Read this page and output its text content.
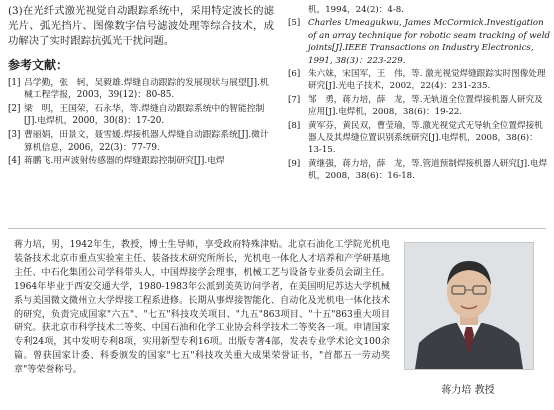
(3)在光纤式激光视觉自动跟踪系统中，采用特定波长的滤光片、弧光挡片、图像数字信号滤波处理等综合技术，成功解决了实时跟踪抗弧光干扰问题。

参考文献：
[1] 吕学勤，张　轲，吴毅雄.焊缝自动跟踪的发展现状与展望[J].机械工程学报，2003，39(12)：80-85.
[2] 梁　明，王国荣，石永华，等.焊缝自动跟踪系统中的智能控制[J].电焊机，2000，30(8)：17-20.
[3] 曹丽娟，田景文，聂雪媛.焊接机器人焊缝自动跟踪系统[J].微计算机信息，2006，22(3)：77-79.
[4] 蒋鹏飞.用声波射传感器的焊缝跟踪控制研究[J].电焊
机，1994，24(2)：4-8.
[5] Charles Umeagukwu, James McCormick.Investigation of an array technique for robotic seam tracking of weld joints[J].IEEE Transactions on Industry Electronics, 1991, 38(3)：223-229.
[6] 朱六妹，宋国军，王　伟，等. 激光视觉焊缝跟踪实时图像处理研究[J].光电子技术，2002，22(4)：231-235.
[7] 邹　勇，蒋力培，薛　龙，等.无轨道全位置焊接机器人研究及应用[J].电焊机，2008，38(6)：19-22.
[8] 黄军芬，黄民双，曹莹瑜，等.激光视觉式无导轨全位置焊接机器人及其焊缝位置识别系统研究[J].电焊机，2008，38(6)：13-15.
[9] 黄继强，蒋力培，薛　龙，等.管道预制焊接机器人研究[J].电焊机，2008，38(6)：16-18.

蒋力培，男，1942年生，教授，博士生导师，享受政府特殊津贴。北京石油化工学院光机电装备技术北京市重点实验室主任、装备技术研究所所长，光机电一体化人才培养和产学研基地主任、中石化集团公司学科带头人，中国焊接学会理事，机械工艺与设备专业委员会副主任。1964年毕业于西安交通大学，1980-1983年公派到美英访问学者，在美国明尼苏达大学机械系与美国微文微州立大学焊接工程系进修。长期从事焊接智能化、自动化及光机电一体化技术的研究，负责完成国家"六五"、"七五"科技攻关项目、"九五"863项目、"十五"863重大项目研究。获北京市科学技术二等奖、中国石油和化学工业协会科学技术二等奖各一项。申请国家专利24项，其中发明专利8项，实用新型专利16项。出版专著4部，发表专业学术论文100余篇。曾获国家计委、科委颁发的国家"七五"科技攻关重大成果荣誉证书，"首都五一劳动奖章"等荣誉称号。

蒋力培 教授
